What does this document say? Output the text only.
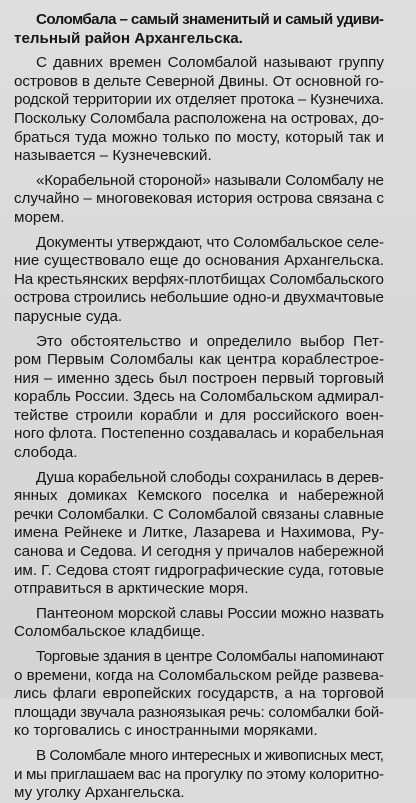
Соломбала – самый знаменитый и самый удиви-
тельный район Архангельска.

С давних времен Соломбалой называют группу
островов в дельте Северной Двины. От основной го-
родской территории их отделяет протока – Кузнечиха.
Поскольку Соломбала расположена на островах, до-
браться туда можно только по мосту, который так и
называется – Кузнечевский.

«Корабельной стороной» называли Соломбалу не
случайно – многовековая история острова связана с
морем.

Документы утверждают, что Соломбальское селе-
ние существовало еще до основания Архангельска.
На крестьянских верфях-плотбищах Соломбальского
острова строились небольшие одно-и двухмачтовые
парусные суда.

Это обстоятельство и определило выбор Пет-
ром Первым Соломбалы как центра кораблестрое-
ния – именно здесь был построен первый торговый
корабль России. Здесь на Соломбальском адмирал-
тействе строили корабли и для российского воен-
ного флота. Постепенно создавалась и корабельная
слобода.

Душа корабельной слободы сохранилась в дерев-
янных домиках Кемского поселка и набережной
речки Соломбалки. С Соломбалой связаны славные
имена Рейнеке и Литке, Лазарева и Нахимова, Ру-
санова и Седова. И сегодня у причалов набережной
им. Г. Седова стоят гидрографические суда, готовые
отправиться в арктические моря.

Пантеоном морской славы России можно назвать
Соломбальское кладбище.

Торговые здания в центре Соломбалы напоминают
о времени, когда на Соломбальском рейде развева-
лись флаги европейских государств, а на торговой
площади звучала разноязыкая речь: соломбалки бой-
ко торговались с иностранными моряками.

В Соломбале много интересных и живописных мест,
и мы приглашаем вас на прогулку по этому колоритно-
му уголку Архангельска.
